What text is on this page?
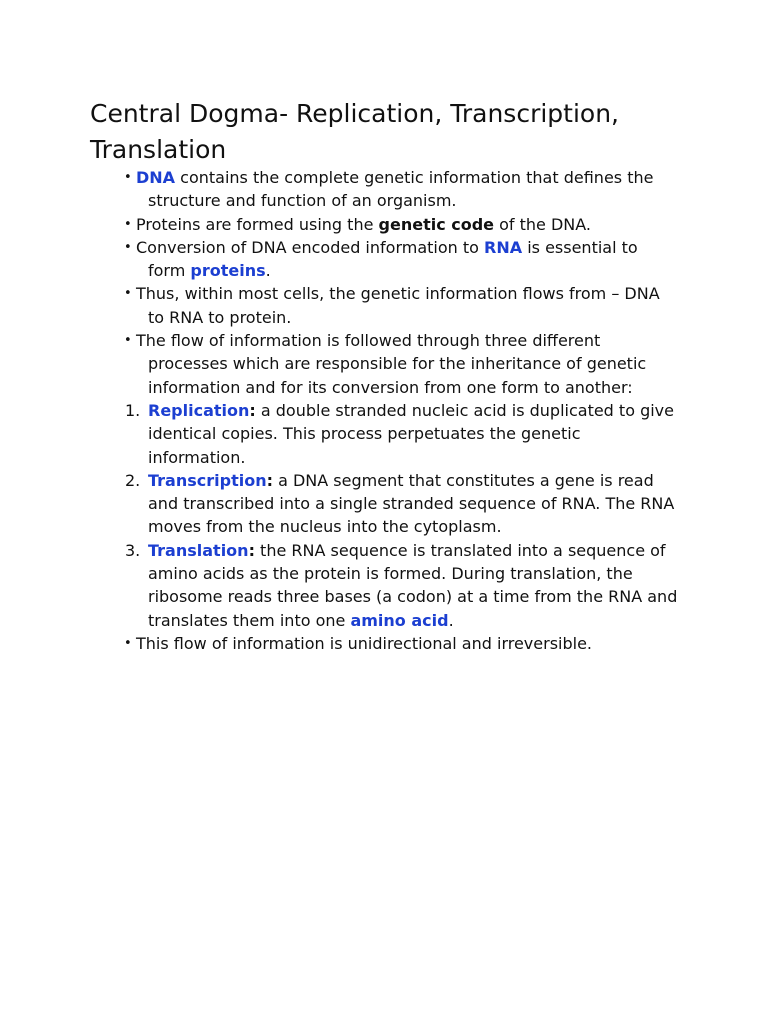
Central Dogma- Replication, Transcription,
Translation
• DNA contains the complete genetic information that defines the structure and function of an organism.
• Proteins are formed using the genetic code of the DNA.
• Conversion of DNA encoded information to RNA is essential to form proteins.
• Thus, within most cells, the genetic information flows from – DNA to RNA to protein.
• The flow of information is followed through three different processes which are responsible for the inheritance of genetic information and for its conversion from one form to another:
1. Replication: a double stranded nucleic acid is duplicated to give identical copies. This process perpetuates the genetic information.
2. Transcription: a DNA segment that constitutes a gene is read and transcribed into a single stranded sequence of RNA. The RNA moves from the nucleus into the cytoplasm.
3. Translation: the RNA sequence is translated into a sequence of amino acids as the protein is formed. During translation, the ribosome reads three bases (a codon) at a time from the RNA and translates them into one amino acid.
• This flow of information is unidirectional and irreversible.
